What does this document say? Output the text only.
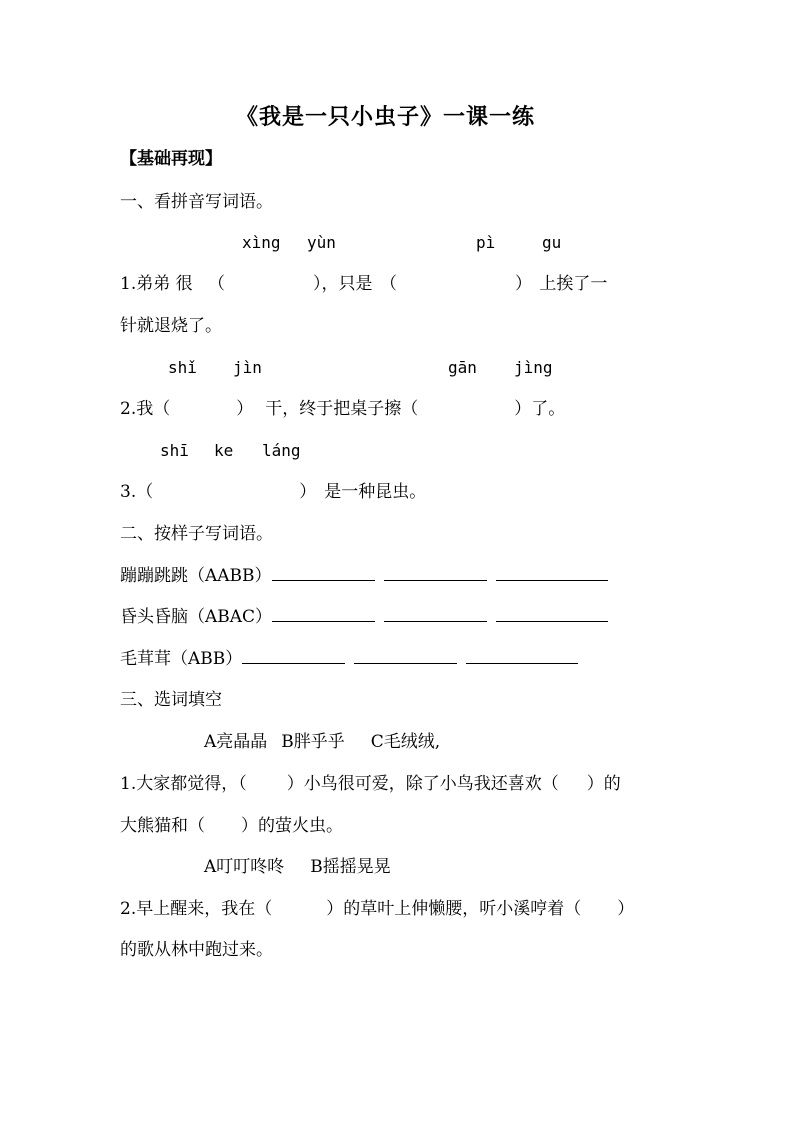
《我是一只小虫子》一课一练
【基础再现】
一、看拼音写词语。
xìng yùn	pì	gu
1.弟弟 很 （	），只是 （	） 上挨了一
针就退烧了。
shǐ jìn	gān jìng
2.我（	） 干，终于把桌子擦（	）了。
shī ke láng
3.（	） 是一种昆虫。
二、按样子写词语。
蹦蹦跳跳（AABB）
昏头昏脑（ABAC）
毛茸茸（ABB）
三、选词填空
A亮晶晶 B胖乎乎 C毛绒绒,
1.大家都觉得，（ ）小鸟很可爱，除了小鸟我还喜欢（ ）的
大熊猫和（ ）的萤火虫。
A叮叮咚咚 B摇摇晃晃
2.早上醒来，我在（	）的草叶上伸懒腰，听小溪哼着（ ）
的歌从林中跑过来。
